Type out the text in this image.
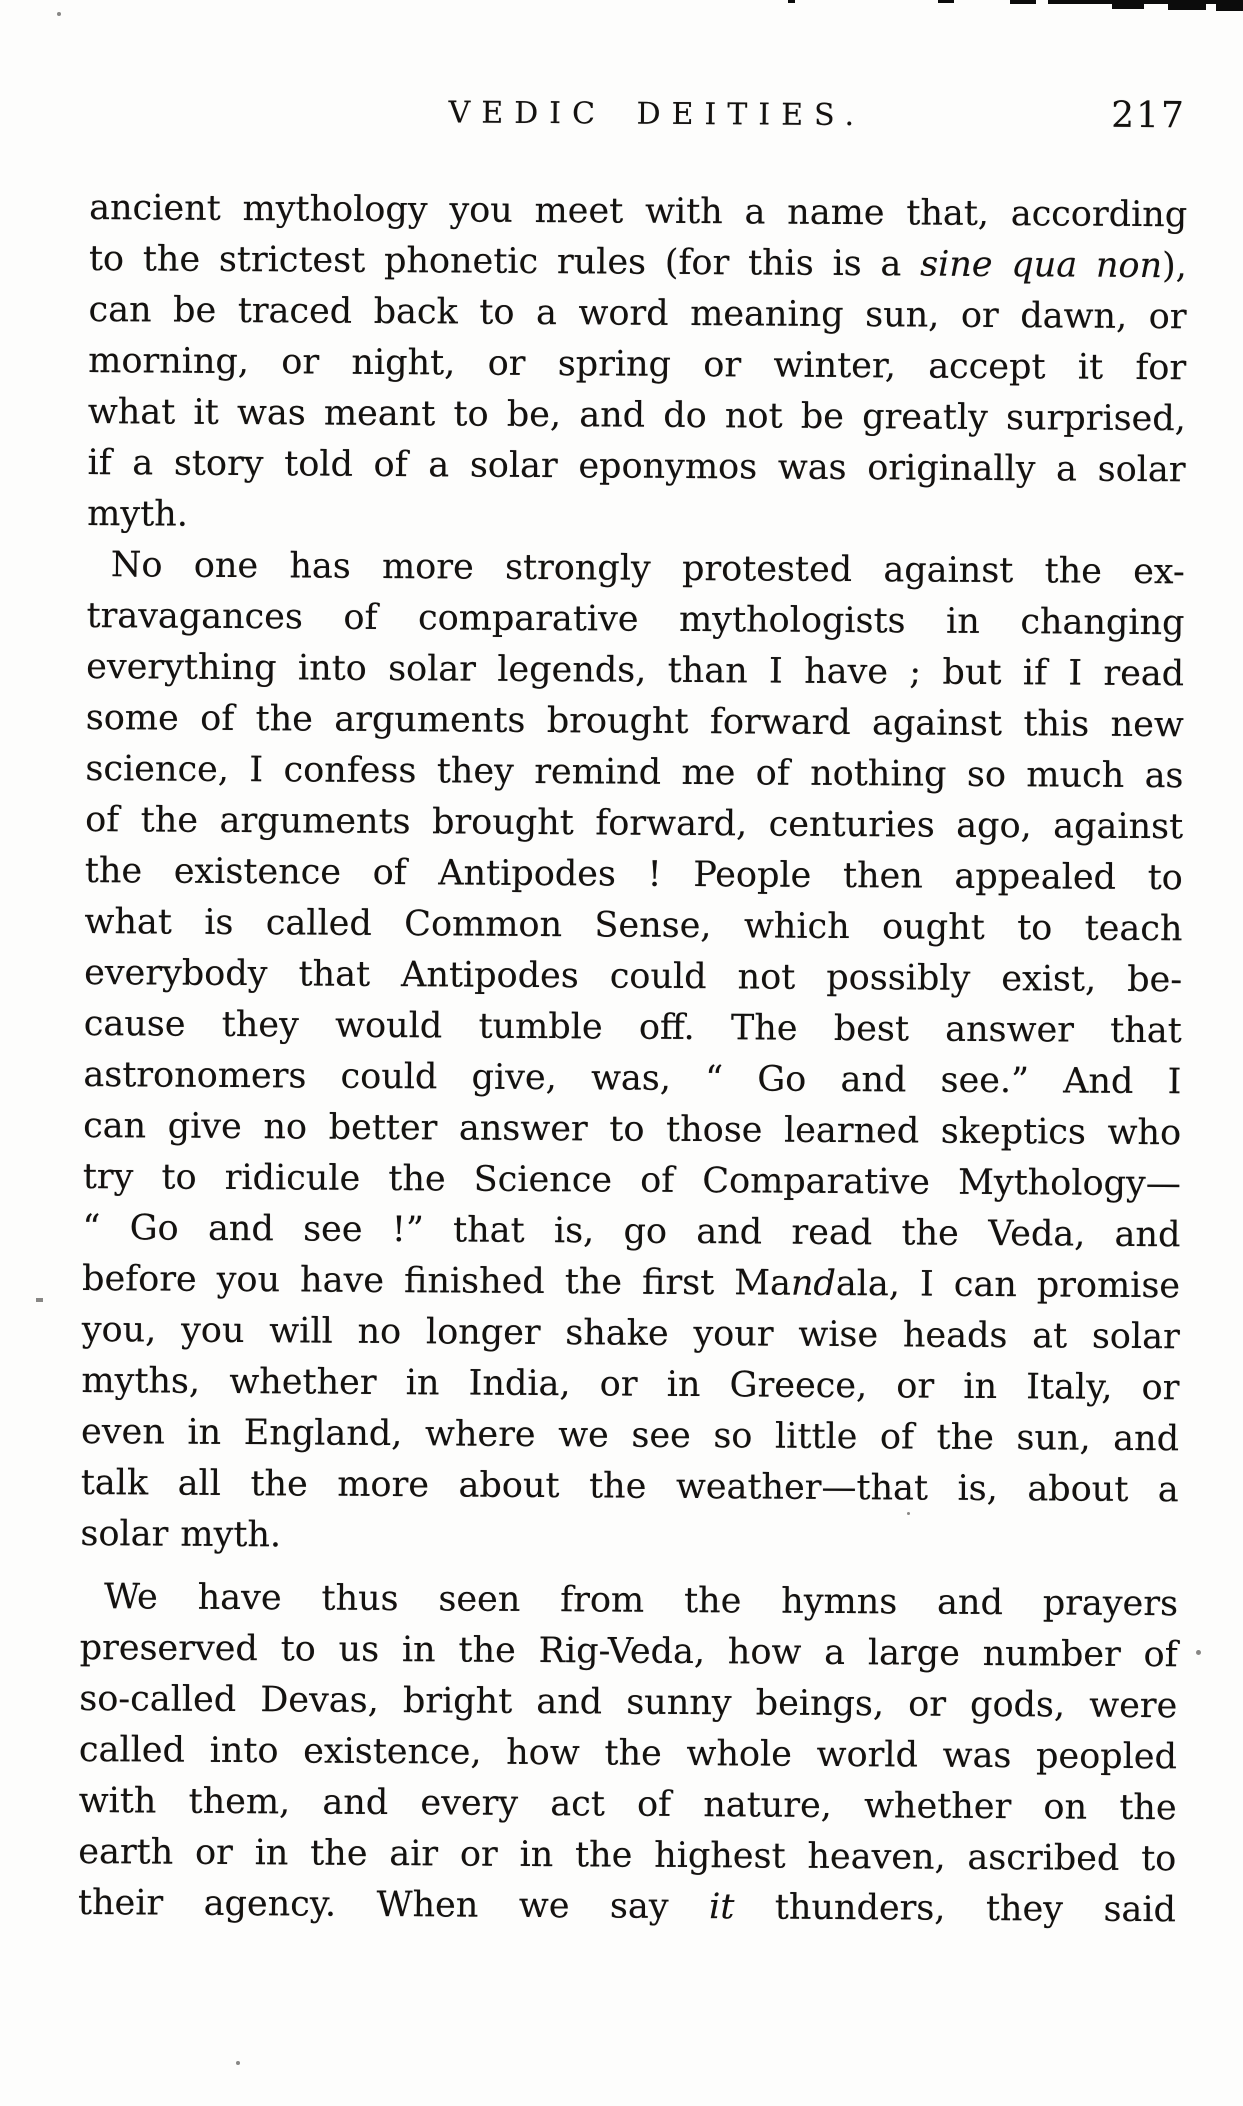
VEDIC DEITIES.	217
ancient mythology you meet with a name that, according
to the strictest phonetic rules (for this is a sine qua non),
can be traced back to a word meaning sun, or dawn, or
morning, or night, or spring or winter, accept it for
what it was meant to be, and do not be greatly surprised,
if a story told of a solar eponymos was originally a solar
myth.
No one has more strongly protested against the ex-
travagances of comparative mythologists in changing
everything into solar legends, than I have ; but if I read
some of the arguments brought forward against this new
science, I confess they remind me of nothing so much as
of the arguments brought forward, centuries ago, against
the existence of Antipodes ! People then appealed to
what is called Common Sense, which ought to teach
everybody that Antipodes could not possibly exist, be-
cause they would tumble off. The best answer that
astronomers could give, was, “ Go and see.” And I
can give no better answer to those learned skeptics who
try to ridicule the Science of Comparative Mythology—
“ Go and see !” that is, go and read the Veda, and
before you have finished the first Mandala, I can promise
you, you will no longer shake your wise heads at solar
myths, whether in India, or in Greece, or in Italy, or
even in England, where we see so little of the sun, and
talk all the more about the weather—that is, about a
solar myth.
We have thus seen from the hymns and prayers
preserved to us in the Rig-Veda, how a large number of
so-called Devas, bright and sunny beings, or gods, were
called into existence, how the whole world was peopled
with them, and every act of nature, whether on the
earth or in the air or in the highest heaven, ascribed to
their agency. When we say it thunders, they said
